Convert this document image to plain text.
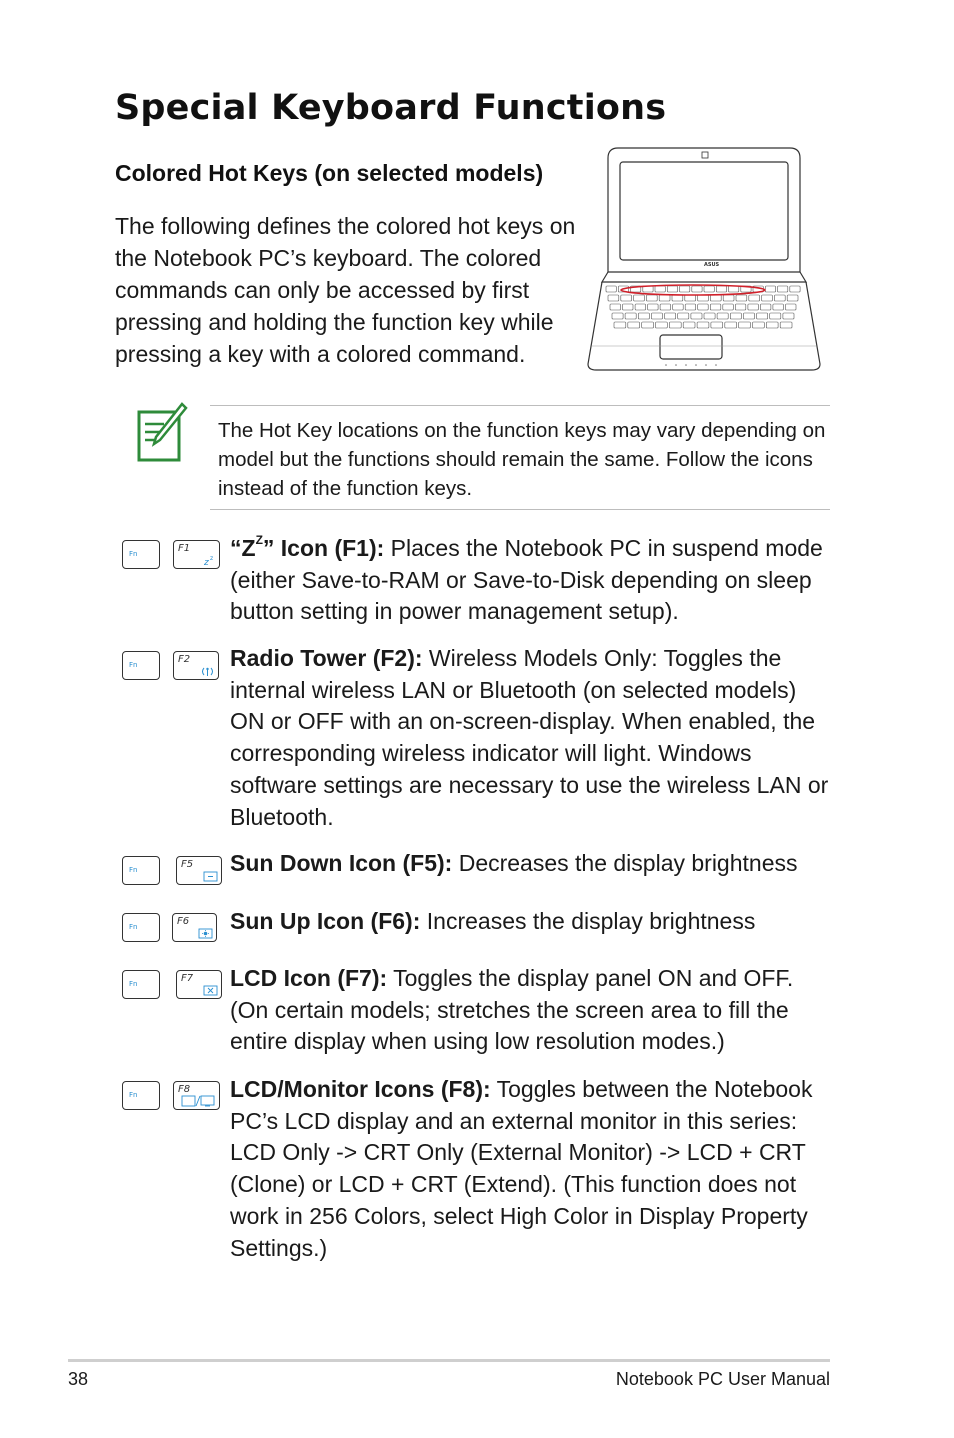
Special Keyboard Functions
Colored Hot Keys (on selected models)

The following defines the colored hot keys on the Notebook PC’s keyboard. The colored commands can only be accessed by first pressing and holding the function key while pressing a key with a colored command.

ASUS

The Hot Key locations on the function keys may vary depending on model but the functions should remain the same. Follow the icons instead of the function keys.

Fn	F1
z z “$Z^Z$” Icon (F1): Places the Notebook PC in suspend mode (either Save-to-RAM or Save-to-Disk depending on sleep button setting in power management setup).

Fn	F2 Radio Tower (F2): Wireless Models Only: Toggles the internal wireless LAN or Bluetooth (on selected models) ON or OFF with an on-screen-display. When enabled, the corresponding wireless indicator will light. Windows software settings are necessary to use the wireless LAN or Bluetooth.

Fn	F5 Sun Down Icon (F5): Decreases the display brightness

Fn	F6 Sun Up Icon (F6): Increases the display brightness

Fn	F7 LCD Icon (F7): Toggles the display panel ON and OFF. (On certain models; stretches the screen area to fill the entire display when using low resolution modes.)

Fn	F8 LCD/Monitor Icons (F8): Toggles between the Notebook PC’s LCD display and an external monitor in this series: LCD Only -> CRT Only (External Monitor) -> LCD + CRT (Clone) or LCD + CRT (Extend). (This function does not work in 256 Colors, select High Color in Display Property Settings.)

38	Notebook PC User Manual
